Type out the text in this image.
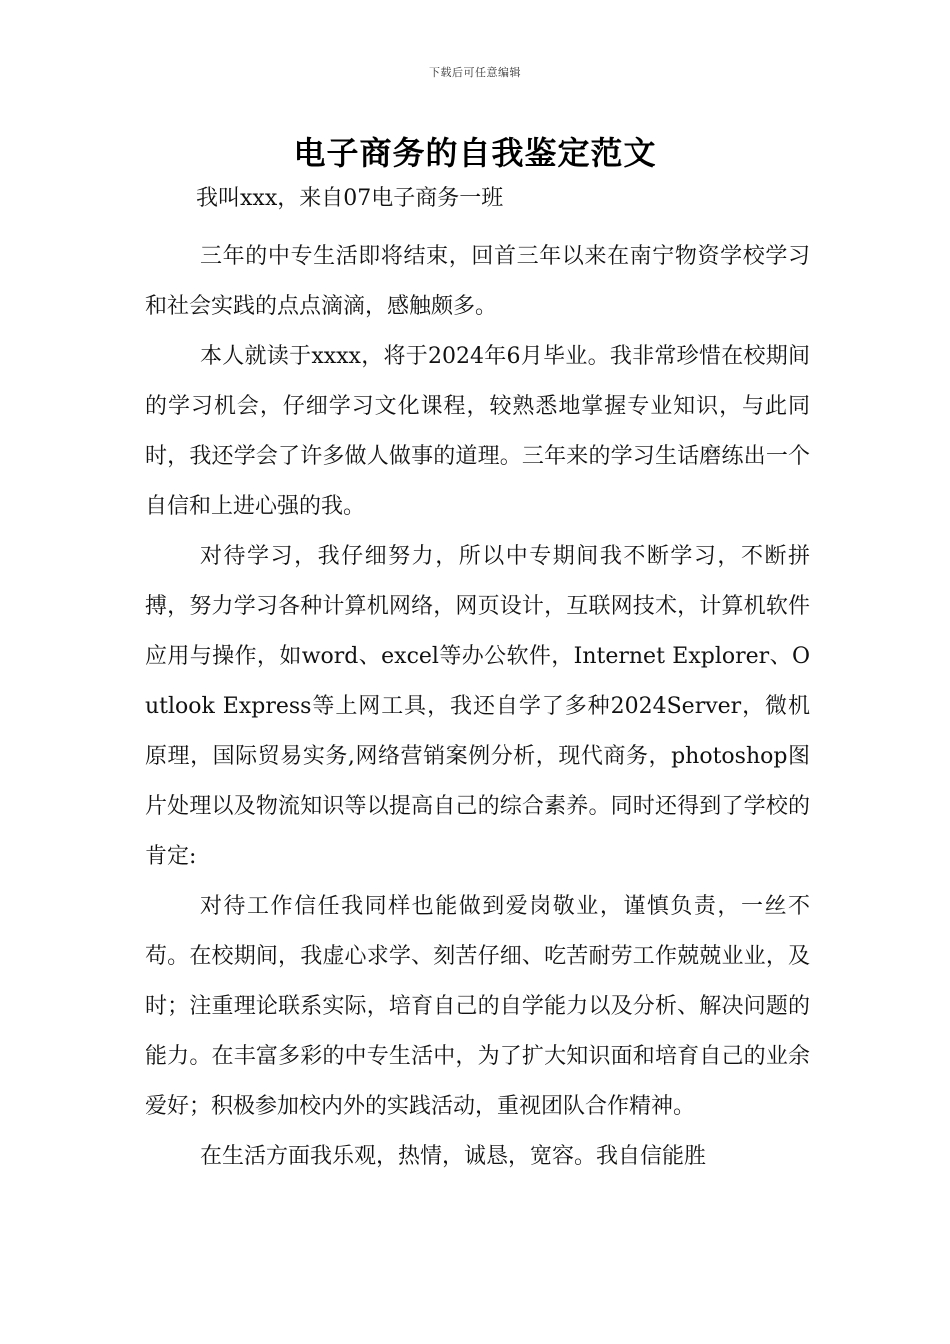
下载后可任意编辑
电子商务的自我鉴定范文
我叫xxx，来自07电子商务一班

三年的中专生活即将结束，回首三年以来在南宁物资学校学习和社会实践的点点滴滴，感触颇多。

本人就读于xxxx，将于2024年6月毕业。我非常珍惜在校期间的学习机会，仔细学习文化课程，较熟悉地掌握专业知识，与此同时，我还学会了许多做人做事的道理。三年来的学习生话磨练出一个自信和上进心强的我。

对待学习，我仔细努力，所以中专期间我不断学习，不断拼搏，努力学习各种计算机网络，网页设计，互联网技术，计算机软件应用与操作，如word、excel等办公软件，Internet Explorer、Outlook Express等上网工具，我还自学了多种2024Server，微机原理，国际贸易实务,网络营销案例分析，现代商务，photoshop图片处理以及物流知识等以提高自己的综合素养。同时还得到了学校的肯定:

对待工作信任我同样也能做到爱岗敬业，谨慎负责，一丝不苟。在校期间，我虚心求学、刻苦仔细、吃苦耐劳工作兢兢业业，及时；注重理论联系实际，培育自己的自学能力以及分析、解决问题的能力。在丰富多彩的中专生活中，为了扩大知识面和培育自己的业余爱好；积极参加校内外的实践活动，重视团队合作精神。

在生活方面我乐观，热情，诚恳，宽容。我自信能胜
